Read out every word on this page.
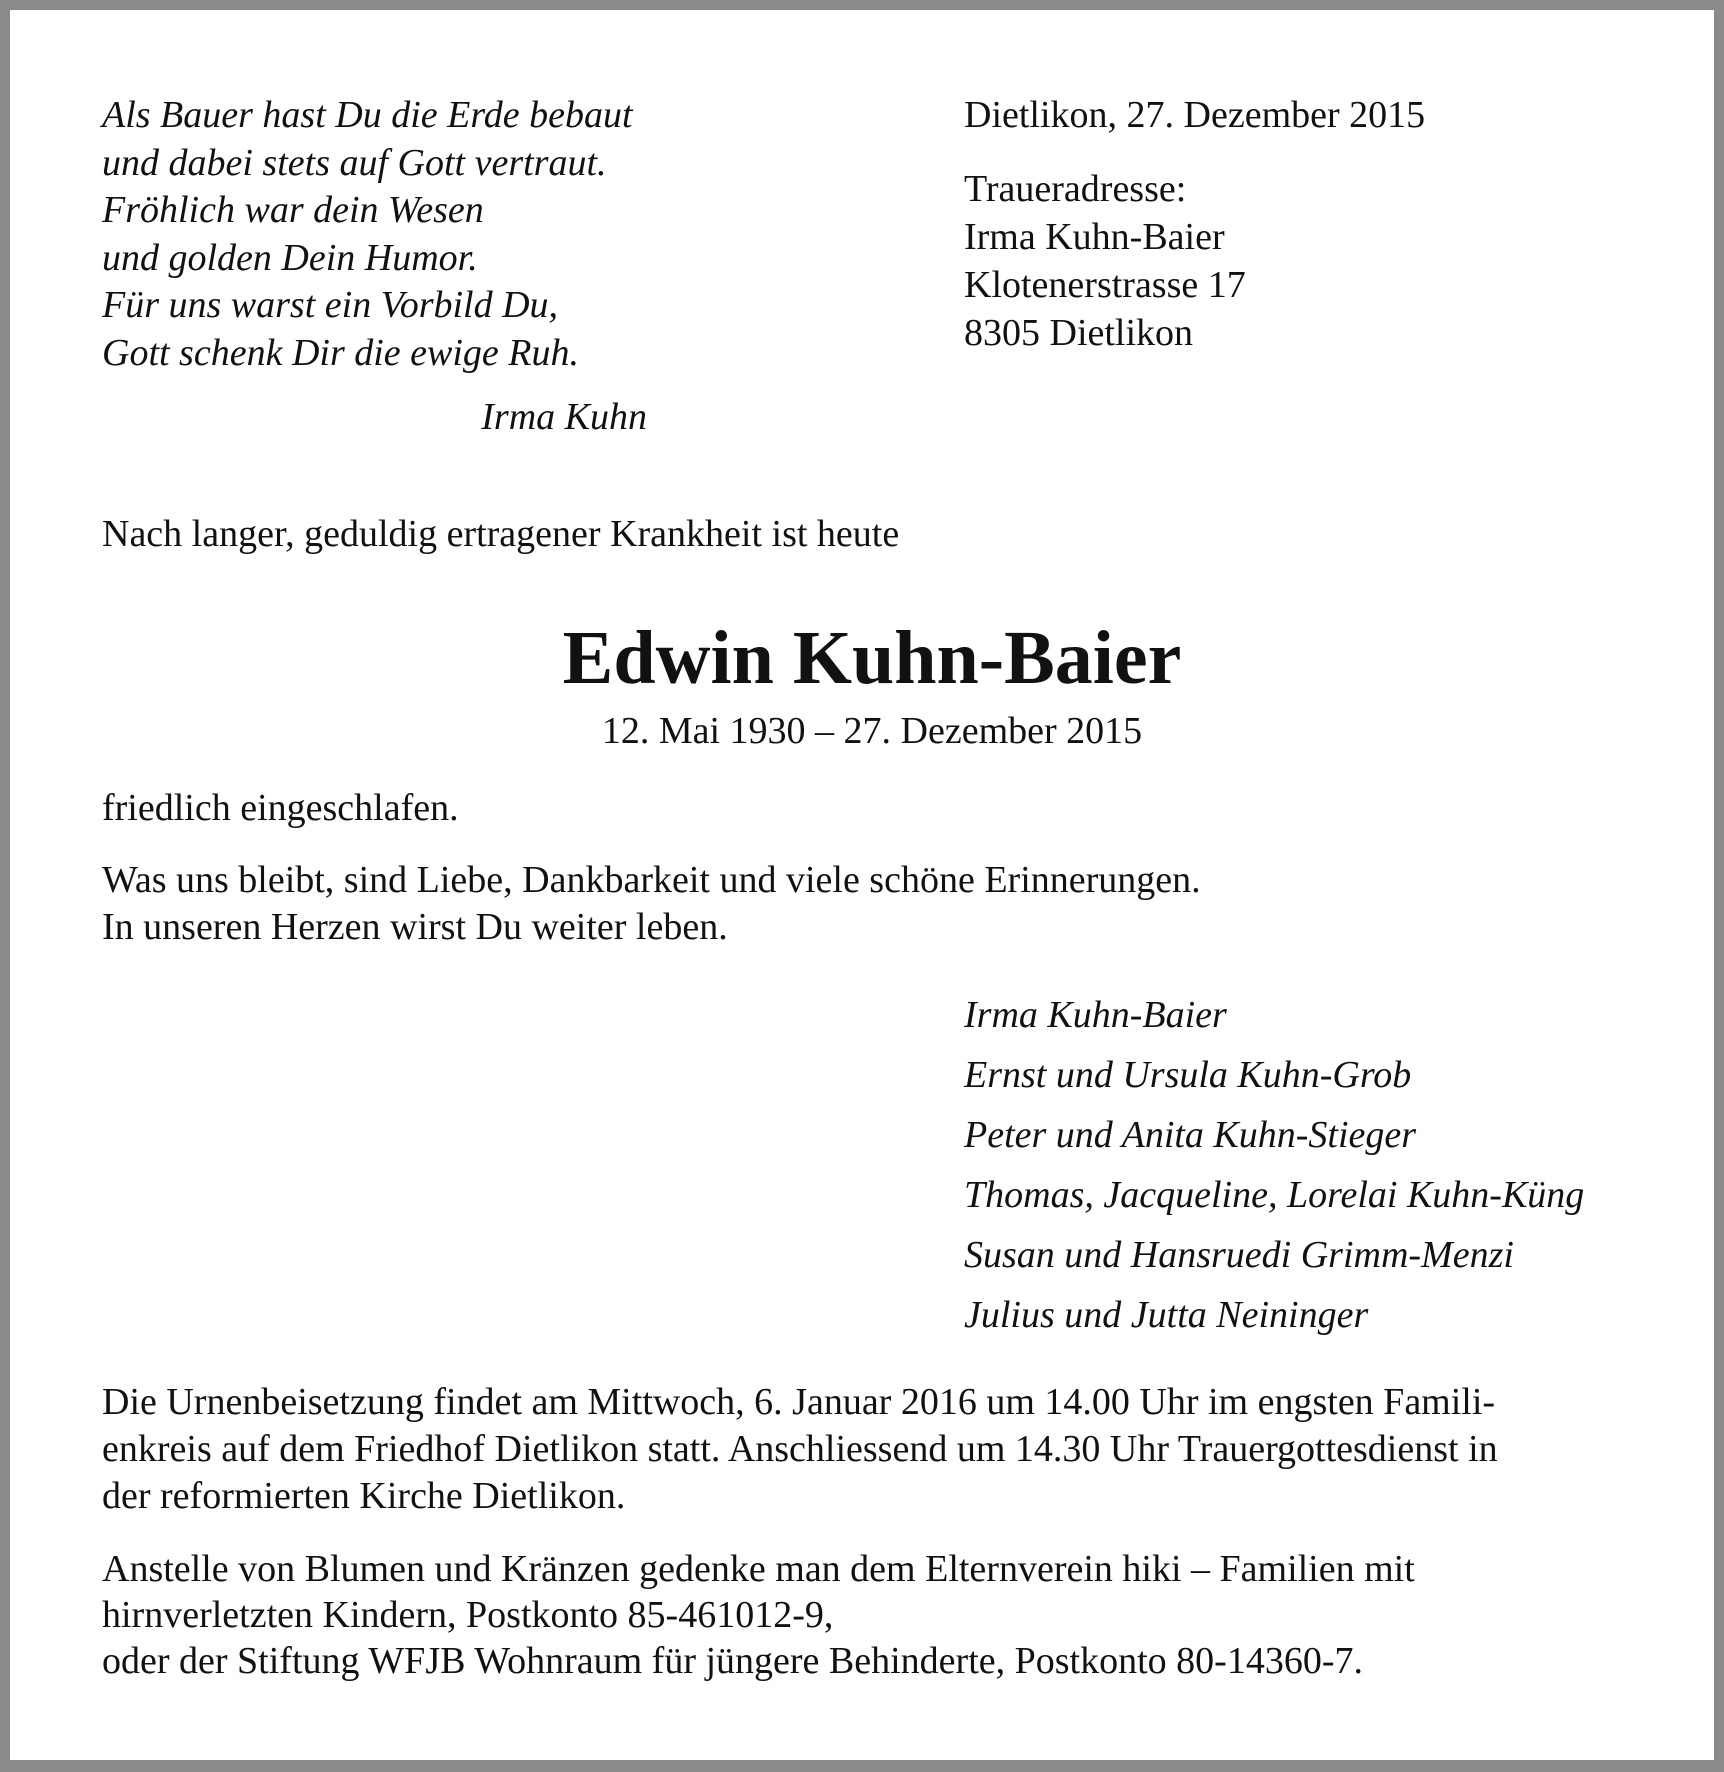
Als Bauer hast Du die Erde bebaut
und dabei stets auf Gott vertraut.
Fröhlich war dein Wesen
und golden Dein Humor.
Für uns warst ein Vorbild Du,
Gott schenk Dir die ewige Ruh.
Irma Kuhn
Dietlikon, 27. Dezember 2015
Traueradresse:
Irma Kuhn-Baier
Klotenerstrasse 17
8305 Dietlikon
Nach langer, geduldig ertragener Krankheit ist heute
Edwin Kuhn-Baier
12. Mai 1930 – 27. Dezember 2015
friedlich eingeschlafen.
Was uns bleibt, sind Liebe, Dankbarkeit und viele schöne Erinnerungen.
In unseren Herzen wirst Du weiter leben.
Irma Kuhn-Baier
Ernst und Ursula Kuhn-Grob
Peter und Anita Kuhn-Stieger
Thomas, Jacqueline, Lorelai Kuhn-Küng
Susan und Hansruedi Grimm-Menzi
Julius und Jutta Neininger
Die Urnenbeisetzung findet am Mittwoch, 6. Januar 2016 um 14.00 Uhr im engsten Famili-
enkreis auf dem Friedhof Dietlikon statt. Anschliessend um 14.30 Uhr Trauergottesdienst in
der reformierten Kirche Dietlikon.
Anstelle von Blumen und Kränzen gedenke man dem Elternverein hiki – Familien mit
hirnverletzten Kindern, Postkonto 85-461012-9,
oder der Stiftung WFJB Wohnraum für jüngere Behinderte, Postkonto 80-14360-7.
